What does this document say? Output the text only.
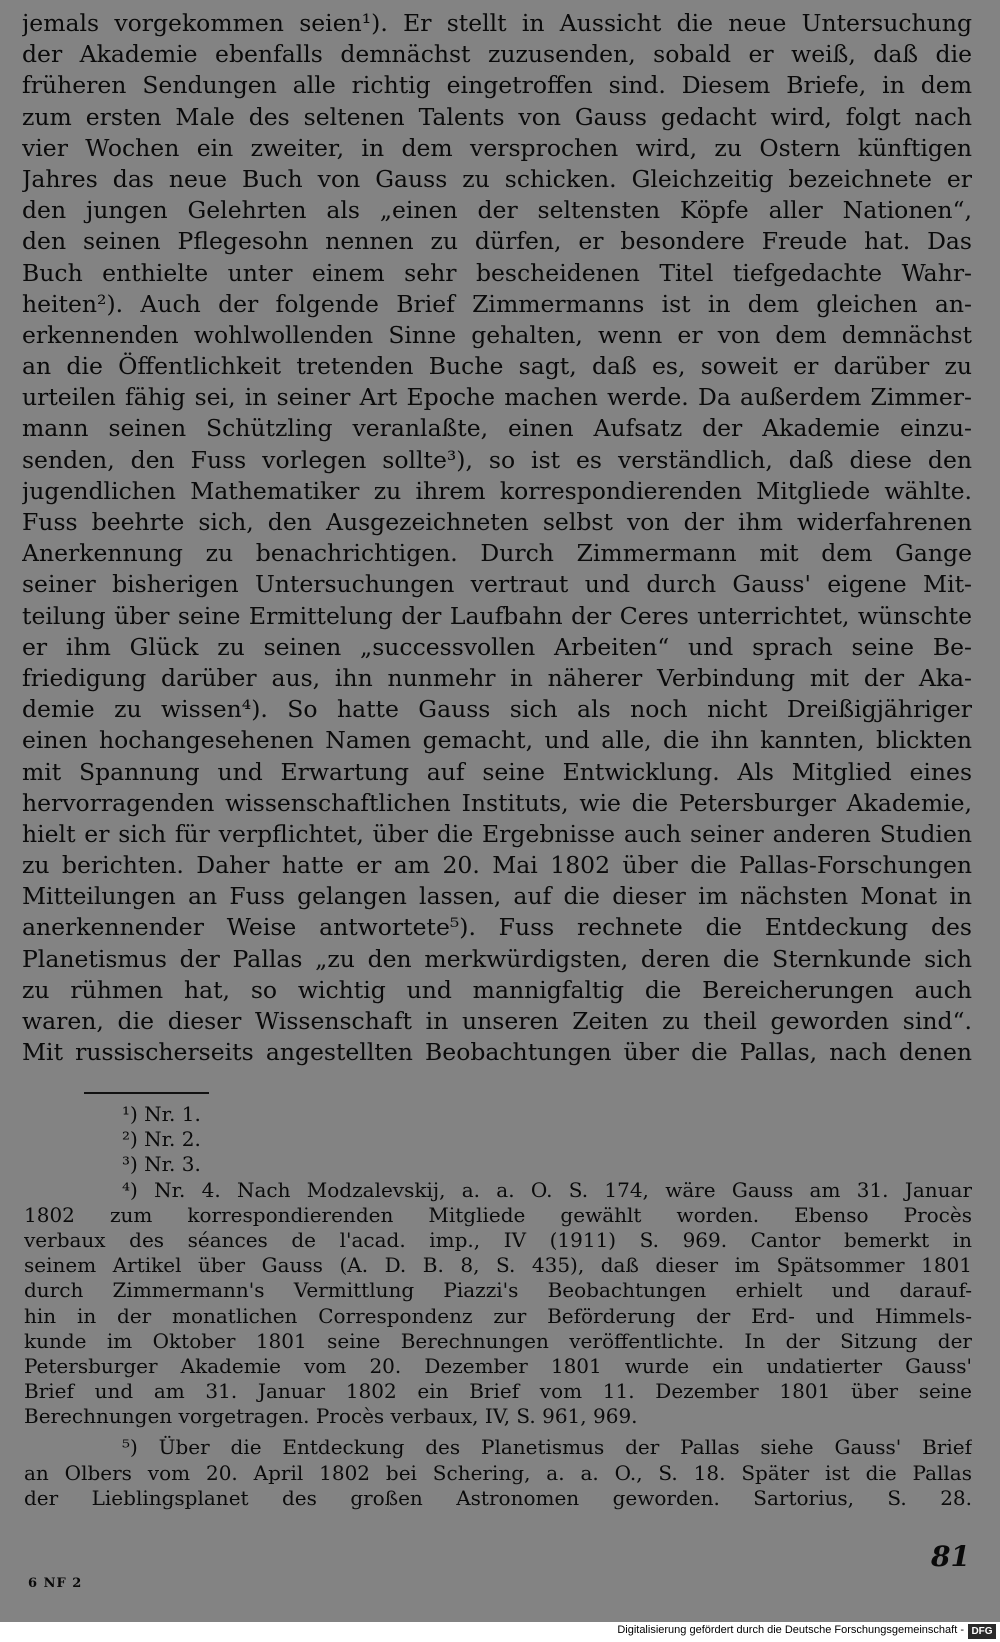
jemals vorgekommen seien¹). Er stellt in Aussicht die neue Untersuchung
der Akademie ebenfalls demnächst zuzusenden, sobald er weiß, daß die
früheren Sendungen alle richtig eingetroffen sind. Diesem Briefe, in dem
zum ersten Male des seltenen Talents von Gauss gedacht wird, folgt nach
vier Wochen ein zweiter, in dem versprochen wird, zu Ostern künftigen
Jahres das neue Buch von Gauss zu schicken. Gleichzeitig bezeichnete er
den jungen Gelehrten als „einen der seltensten Köpfe aller Nationen“,
den seinen Pflegesohn nennen zu dürfen, er besondere Freude hat. Das
Buch enthielte unter einem sehr bescheidenen Titel tiefgedachte Wahr-
heiten²). Auch der folgende Brief Zimmermanns ist in dem gleichen an-
erkennenden wohlwollenden Sinne gehalten, wenn er von dem demnächst
an die Öffentlichkeit tretenden Buche sagt, daß es, soweit er darüber zu
urteilen fähig sei, in seiner Art Epoche machen werde. Da außerdem Zimmer-
mann seinen Schützling veranlaßte, einen Aufsatz der Akademie einzu-
senden, den Fuss vorlegen sollte³), so ist es verständlich, daß diese den
jugendlichen Mathematiker zu ihrem korrespondierenden Mitgliede wählte.
Fuss beehrte sich, den Ausgezeichneten selbst von der ihm widerfahrenen
Anerkennung zu benachrichtigen. Durch Zimmermann mit dem Gange
seiner bisherigen Untersuchungen vertraut und durch Gauss' eigene Mit-
teilung über seine Ermittelung der Laufbahn der Ceres unterrichtet, wünschte
er ihm Glück zu seinen „successvollen Arbeiten“ und sprach seine Be-
friedigung darüber aus, ihn nunmehr in näherer Verbindung mit der Aka-
demie zu wissen⁴). So hatte Gauss sich als noch nicht Dreißigjähriger
einen hochangesehenen Namen gemacht, und alle, die ihn kannten, blickten
mit Spannung und Erwartung auf seine Entwicklung. Als Mitglied eines
hervorragenden wissenschaftlichen Instituts, wie die Petersburger Akademie,
hielt er sich für verpflichtet, über die Ergebnisse auch seiner anderen Studien
zu berichten. Daher hatte er am 20. Mai 1802 über die Pallas-Forschungen
Mitteilungen an Fuss gelangen lassen, auf die dieser im nächsten Monat in
anerkennender Weise antwortete⁵). Fuss rechnete die Entdeckung des
Planetismus der Pallas „zu den merkwürdigsten, deren die Sternkunde sich
zu rühmen hat, so wichtig und mannigfaltig die Bereicherungen auch
waren, die dieser Wissenschaft in unseren Zeiten zu theil geworden sind“.
Mit russischerseits angestellten Beobachtungen über die Pallas, nach denen
¹) Nr. 1.
²) Nr. 2.
³) Nr. 3.
⁴) Nr. 4. Nach Modzalevskij, a. a. O. S. 174, wäre Gauss am 31. Januar
1802 zum korrespondierenden Mitgliede gewählt worden. Ebenso Procès
verbaux des séances de l'acad. imp., IV (1911) S. 969. Cantor bemerkt in
seinem Artikel über Gauss (A. D. B. 8, S. 435), daß dieser im Spätsommer 1801
durch Zimmermann's Vermittlung Piazzi's Beobachtungen erhielt und darauf-
hin in der monatlichen Correspondenz zur Beförderung der Erd- und Himmels-
kunde im Oktober 1801 seine Berechnungen veröffentlichte. In der Sitzung der
Petersburger Akademie vom 20. Dezember 1801 wurde ein undatierter Gauss'
Brief und am 31. Januar 1802 ein Brief vom 11. Dezember 1801 über seine
Berechnungen vorgetragen. Procès verbaux, IV, S. 961, 969.
⁵) Über die Entdeckung des Planetismus der Pallas siehe Gauss' Brief
an Olbers vom 20. April 1802 bei Schering, a. a. O., S. 18. Später ist die Pallas
der Lieblingsplanet des großen Astronomen geworden. Sartorius, S. 28.
81
6 NF 2
Digitalisierung gefördert durch die Deutsche Forschungsgemeinschaft - DFG
